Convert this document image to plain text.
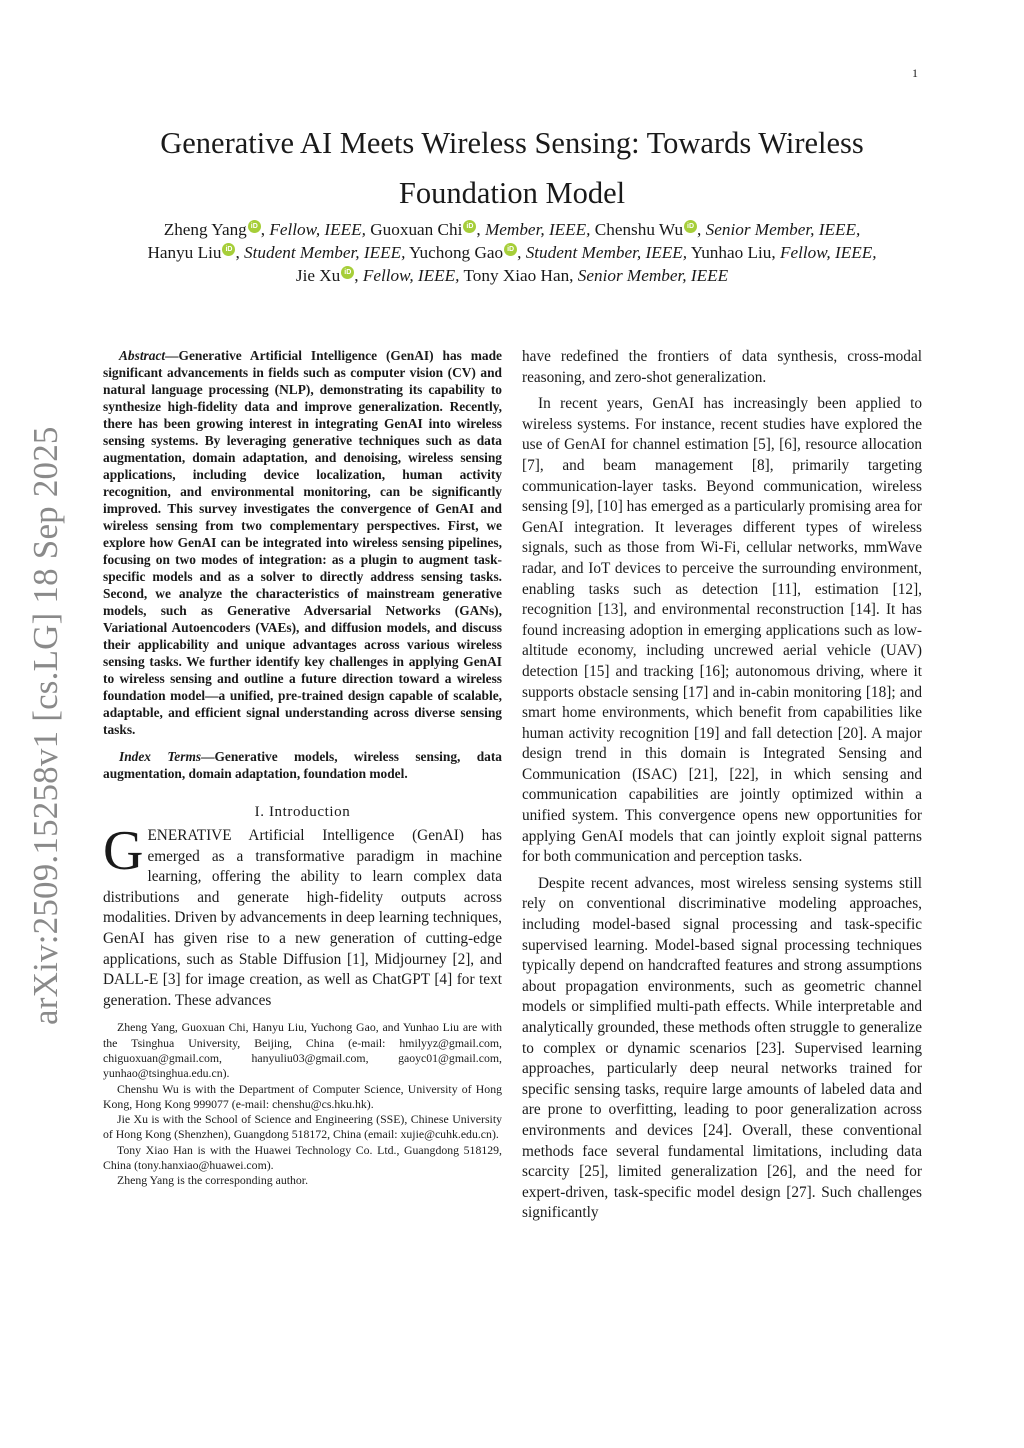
1
arXiv:2509.15258v1 [cs.LG] 18 Sep 2025
Generative AI Meets Wireless Sensing: Towards Wireless Foundation Model
Zheng Yang iD , Fellow, IEEE, Guoxuan Chi iD , Member, IEEE, Chenshu Wu iD , Senior Member, IEEE,
Hanyu Liu iD , Student Member, IEEE, Yuchong Gao iD , Student Member, IEEE, Yunhao Liu, Fellow, IEEE,
Jie Xu iD , Fellow, IEEE, Tony Xiao Han, Senior Member, IEEE

Abstract—Generative Artificial Intelligence (GenAI) has made significant advancements in fields such as computer vision (CV) and natural language processing (NLP), demonstrating its capability to synthesize high-fidelity data and improve generalization. Recently, there has been growing interest in integrating GenAI into wireless sensing systems. By leveraging generative techniques such as data augmentation, domain adaptation, and denoising, wireless sensing applications, including device localization, human activity recognition, and environmental monitoring, can be significantly improved. This survey investigates the convergence of GenAI and wireless sensing from two complementary perspectives. First, we explore how GenAI can be integrated into wireless sensing pipelines, focusing on two modes of integration: as a plugin to augment task-specific models and as a solver to directly address sensing tasks. Second, we analyze the characteristics of mainstream generative models, such as Generative Adversarial Networks (GANs), Variational Autoencoders (VAEs), and diffusion models, and discuss their applicability and unique advantages across various wireless sensing tasks. We further identify key challenges in applying GenAI to wireless sensing and outline a future direction toward a wireless foundation model—a unified, pre-trained design capable of scalable, adaptable, and efficient signal understanding across diverse sensing tasks.

Index Terms—Generative models, wireless sensing, data augmentation, domain adaptation, foundation model.

I. Introduction

GENERATIVE Artificial Intelligence (GenAI) has emerged as a transformative paradigm in machine learning, offering the ability to learn complex data distributions and generate high-fidelity outputs across modalities. Driven by advancements in deep learning techniques, GenAI has given rise to a new generation of cutting-edge applications, such as Stable Diffusion [1], Midjourney [2], and DALL-E [3] for image creation, as well as ChatGPT [4] for text generation. These advances

Zheng Yang, Guoxuan Chi, Hanyu Liu, Yuchong Gao, and Yunhao Liu are with the Tsinghua University, Beijing, China (e-mail: hmilyyz@gmail.com, chiguoxuan@gmail.com, hanyuliu03@gmail.com, gaoyc01@gmail.com, yunhao@tsinghua.edu.cn).

Chenshu Wu is with the Department of Computer Science, University of Hong Kong, Hong Kong 999077 (e-mail: chenshu@cs.hku.hk).

Jie Xu is with the School of Science and Engineering (SSE), Chinese University of Hong Kong (Shenzhen), Guangdong 518172, China (email: xujie@cuhk.edu.cn).

Tony Xiao Han is with the Huawei Technology Co. Ltd., Guangdong 518129, China (tony.hanxiao@huawei.com).

Zheng Yang is the corresponding author.

have redefined the frontiers of data synthesis, cross-modal reasoning, and zero-shot generalization.

In recent years, GenAI has increasingly been applied to wireless systems. For instance, recent studies have explored the use of GenAI for channel estimation [5], [6], resource allocation [7], and beam management [8], primarily targeting communication-layer tasks. Beyond communication, wireless sensing [9], [10] has emerged as a particularly promising area for GenAI integration. It leverages different types of wireless signals, such as those from Wi-Fi, cellular networks, mmWave radar, and IoT devices to perceive the surrounding environment, enabling tasks such as detection [11], estimation [12], recognition [13], and environmental reconstruction [14]. It has found increasing adoption in emerging applications such as low-altitude economy, including uncrewed aerial vehicle (UAV) detection [15] and tracking [16]; autonomous driving, where it supports obstacle sensing [17] and in-cabin monitoring [18]; and smart home environments, which benefit from capabilities like human activity recognition [19] and fall detection [20]. A major design trend in this domain is Integrated Sensing and Communication (ISAC) [21], [22], in which sensing and communication capabilities are jointly optimized within a unified system. This convergence opens new opportunities for applying GenAI models that can jointly exploit signal patterns for both communication and perception tasks.

Despite recent advances, most wireless sensing systems still rely on conventional discriminative modeling approaches, including model-based signal processing and task-specific supervised learning. Model-based signal processing techniques typically depend on handcrafted features and strong assumptions about propagation environments, such as geometric channel models or simplified multi-path effects. While interpretable and analytically grounded, these methods often struggle to generalize to complex or dynamic scenarios [23]. Supervised learning approaches, particularly deep neural networks trained for specific sensing tasks, require large amounts of labeled data and are prone to overfitting, leading to poor generalization across environments and devices [24]. Overall, these conventional methods face several fundamental limitations, including data scarcity [25], limited generalization [26], and the need for expert-driven, task-specific model design [27]. Such challenges significantly
